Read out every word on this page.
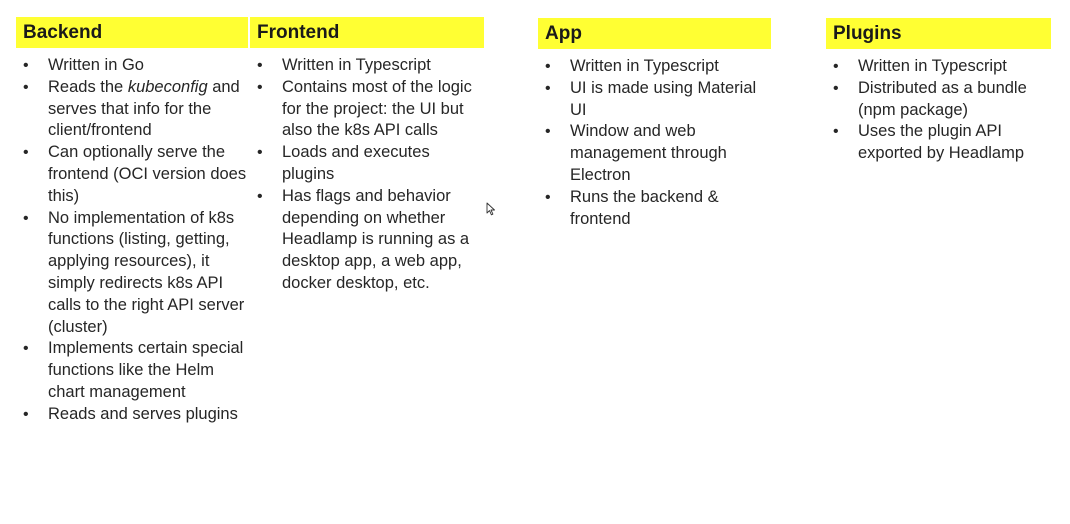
Backend
• Written in Go
• Reads the kubeconfig and serves that info for the client/frontend
• Can optionally serve the frontend (OCI version does this)
• No implementation of k8s functions (listing, getting, applying resources), it simply redirects k8s API calls to the right API server (cluster)
• Implements certain special functions like the Helm chart management
• Reads and serves plugins
Frontend
• Written in Typescript
• Contains most of the logic for the project: the UI but also the k8s API calls
• Loads and executes plugins
• Has flags and behavior depending on whether Headlamp is running as a desktop app, a web app, docker desktop, etc.
App
• Written in Typescript
• UI is made using Material UI
• Window and web management through Electron
• Runs the backend & frontend
Plugins
• Written in Typescript
• Distributed as a bundle (npm package)
• Uses the plugin API exported by Headlamp
